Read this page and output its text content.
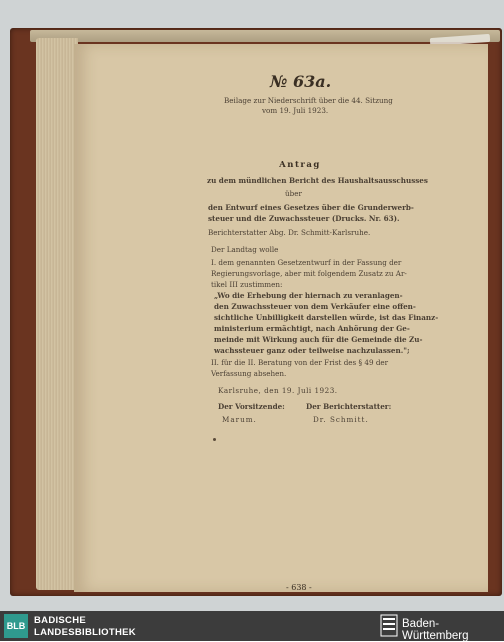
№ 63a.
Beilage zur Niederschrift über die 44. Sitzung
vom 19. Juli 1923.
Antrag
zu dem mündlichen Bericht des Haushaltsausschusses
über
den Entwurf eines Gesetzes über die Grunderwerb-
steuer und die Zuwachssteuer (Drucks. Nr. 63).
Berichterstatter Abg. Dr. Schmitt-Karlsruhe.
Der Landtag wolle
I. dem genannten Gesetzentwurf in der Fassung der
Regierungsvorlage, aber mit folgendem Zusatz zu Ar-
tikel III zustimmen:
„Wo die Erhebung der hiernach zu veranlagen-
den Zuwachssteuer von dem Verkäufer eine offen-
sichtliche Unbilligkeit darstellen würde, ist das Finanz-
ministerium ermächtigt, nach Anhörung der Ge-
meinde mit Wirkung auch für die Gemeinde die Zu-
wachssteuer ganz oder teilweise nachzulassen.";
II. für die II. Beratung von der Frist des § 49 der
Verfassung absehen.
Karlsruhe, den 19. Juli 1923.
Der Vorsitzende:	Der Berichterstatter:
Marum.	Dr. Schmitt.
- 638 -
BLB BADISCHE
LANDESBIBLIOTHEK
Baden-Württemberg
